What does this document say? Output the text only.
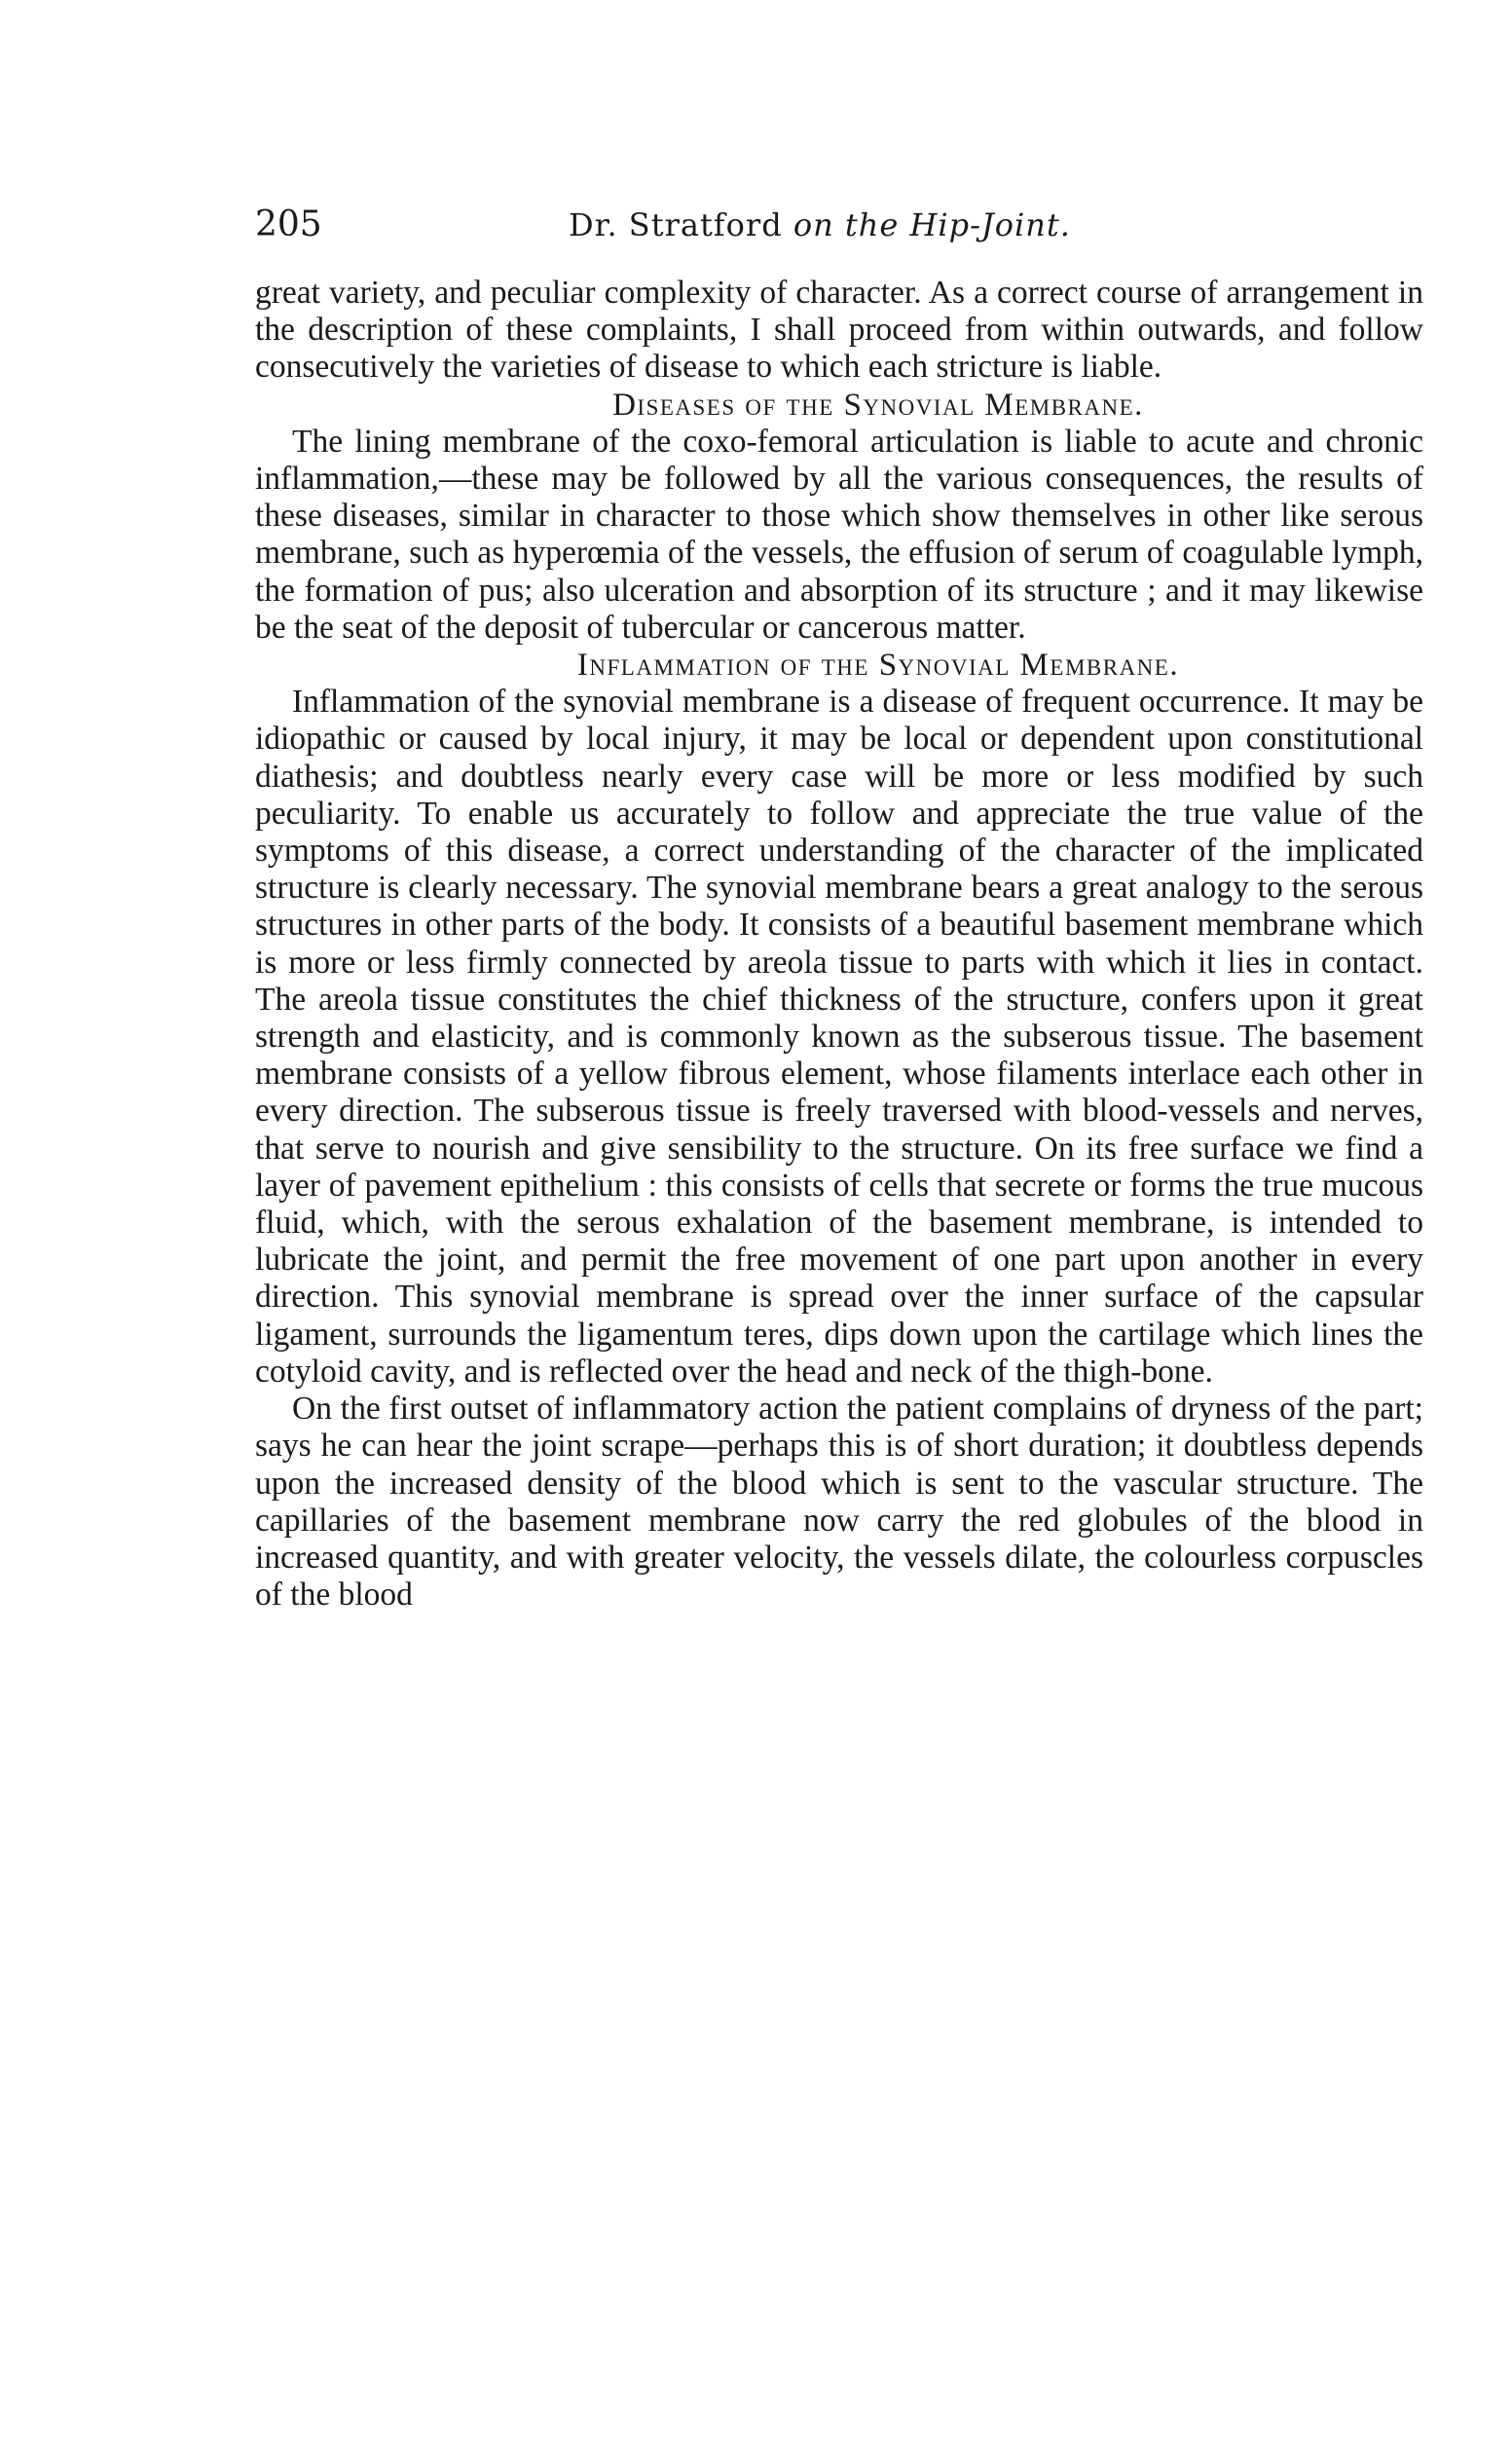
205	Dr. Stratford on the Hip-Joint.

great variety, and peculiar complexity of character. As a correct course of arrangement in the description of these complaints, I shall proceed from within outwards, and follow consecutively the varieties of disease to which each stricture is liable.

Diseases of the Synovial Membrane.

The lining membrane of the coxo-femoral articulation is liable to acute and chronic inflammation,—these may be followed by all the various consequences, the results of these diseases, similar in character to those which show themselves in other like serous membrane, such as hyperœmia of the vessels, the effusion of serum of coagulable lymph, the formation of pus; also ulceration and absorption of its structure ; and it may likewise be the seat of the deposit of tubercular or cancerous matter.

Inflammation of the Synovial Membrane.

Inflammation of the synovial membrane is a disease of frequent occurrence. It may be idiopathic or caused by local injury, it may be local or dependent upon constitutional diathesis; and doubtless nearly every case will be more or less modified by such peculiarity. To enable us accurately to follow and appreciate the true value of the symptoms of this disease, a correct understanding of the character of the implicated structure is clearly necessary. The synovial membrane bears a great analogy to the serous structures in other parts of the body. It consists of a beautiful basement membrane which is more or less firmly connected by areola tissue to parts with which it lies in contact. The areola tissue constitutes the chief thickness of the structure, confers upon it great strength and elasticity, and is commonly known as the subserous tissue. The basement membrane consists of a yellow fibrous element, whose filaments interlace each other in every direction. The subserous tissue is freely traversed with blood-vessels and nerves, that serve to nourish and give sensibility to the structure. On its free surface we find a layer of pavement epithelium : this consists of cells that secrete or forms the true mucous fluid, which, with the serous exhalation of the basement membrane, is intended to lubricate the joint, and permit the free movement of one part upon another in every direction. This synovial membrane is spread over the inner surface of the capsular ligament, surrounds the ligamentum teres, dips down upon the cartilage which lines the cotyloid cavity, and is reflected over the head and neck of the thigh-bone.

On the first outset of inflammatory action the patient complains of dryness of the part; says he can hear the joint scrape—perhaps this is of short duration; it doubtless depends upon the increased density of the blood which is sent to the vascular structure. The capillaries of the basement membrane now carry the red globules of the blood in increased quantity, and with greater velocity, the vessels dilate, the colourless corpuscles of the blood
